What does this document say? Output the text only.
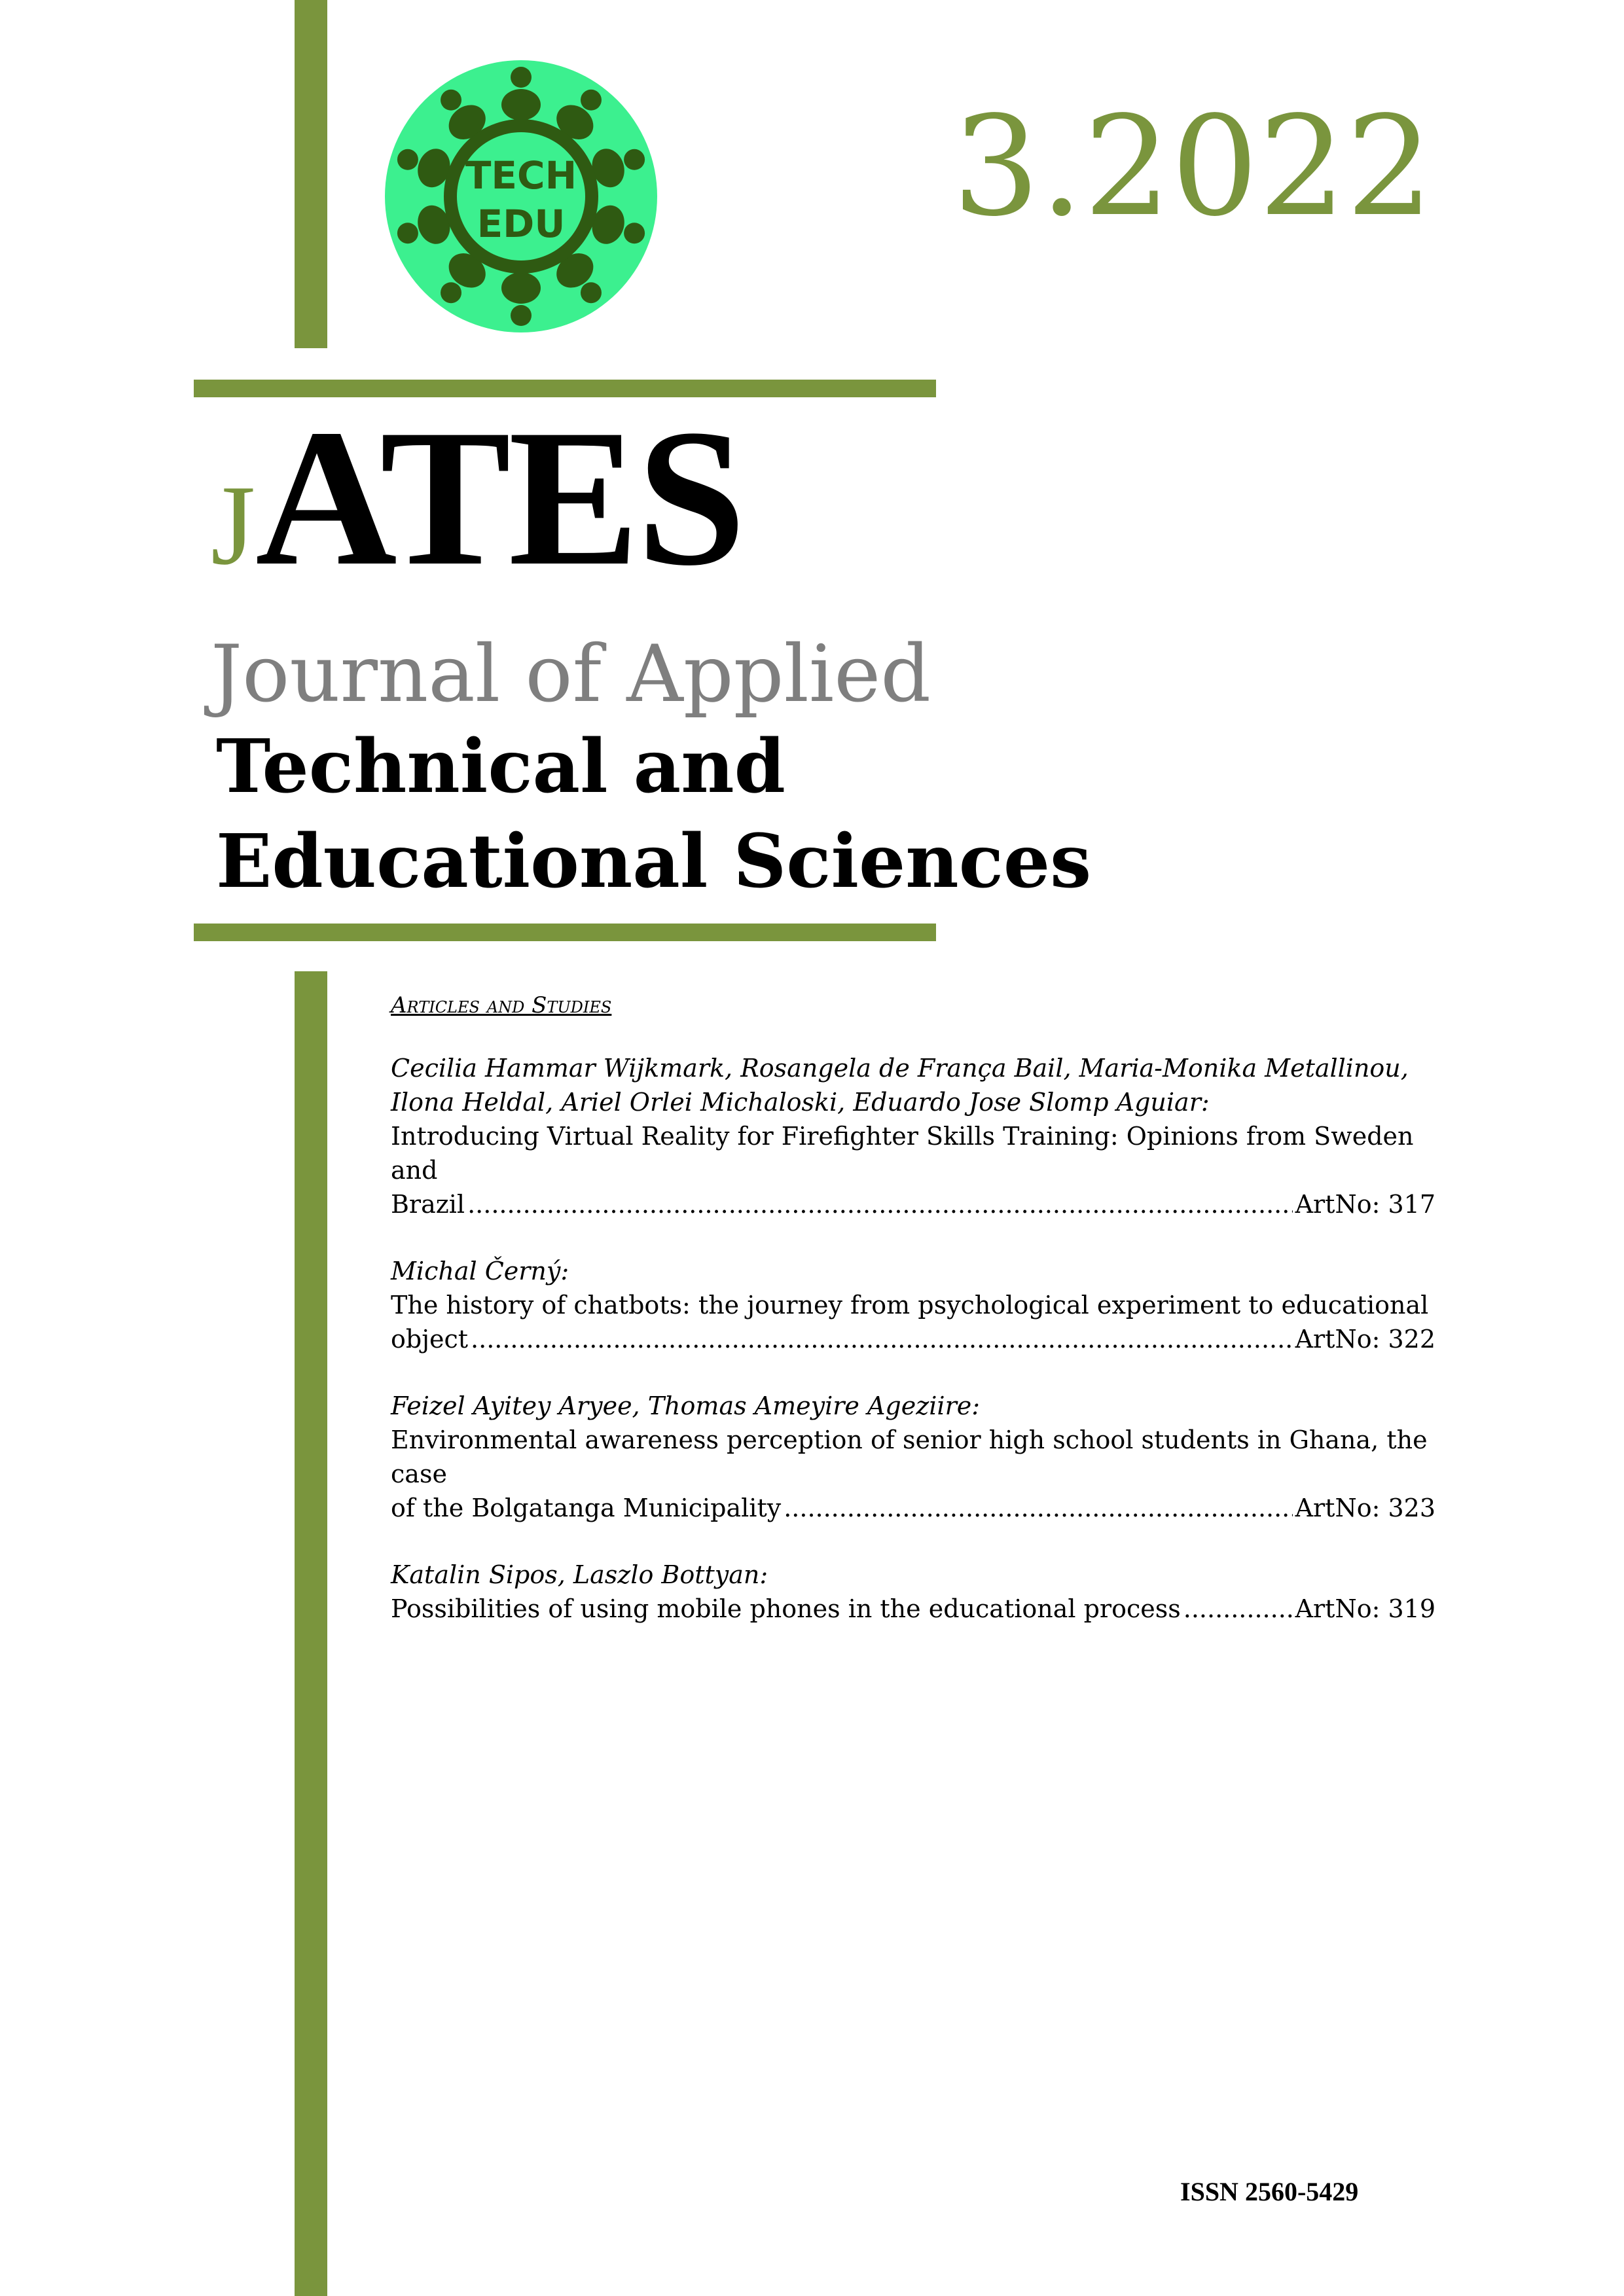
TECH
EDU	3.2022
JATES
Journal of Applied
Technical and
Educational Sciences
Articles and Studies
Cecilia Hammar Wijkmark, Rosangela de França Bail, Maria-Monika Metallinou, Ilona Heldal, Ariel Orlei Michaloski, Eduardo Jose Slomp Aguiar:
Introducing Virtual Reality for Firefighter Skills Training: Opinions from Sweden and
Brazil .....	ArtNo: 317
Michal Černý:
The history of chatbots: the journey from psychological experiment to educational
object .....	ArtNo: 322
Feizel Ayitey Aryee, Thomas Ameyire Ageziire:
Environmental awareness perception of senior high school students in Ghana, the case
of the Bolgatanga Municipality .....	ArtNo: 323
Katalin Sipos, Laszlo Bottyan:
Possibilities of using mobile phones in the educational process .....	ArtNo: 319
ISSN 2560-5429
